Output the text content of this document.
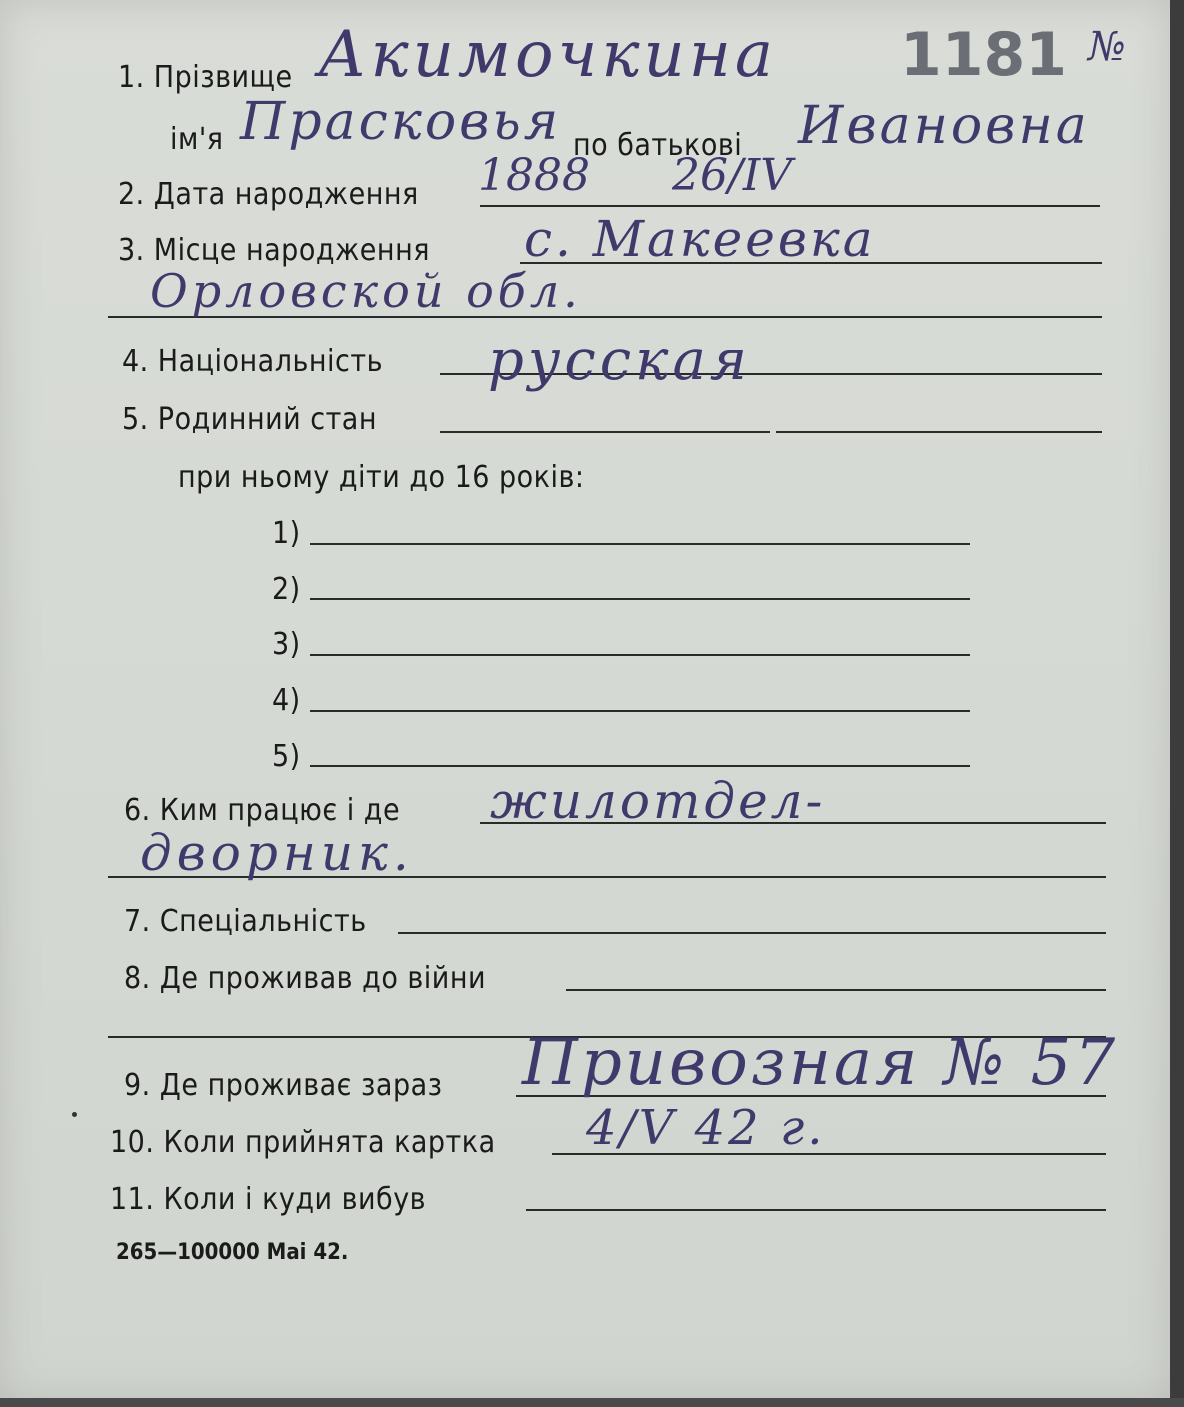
1. Прізвище
ім'я	по батькові
2. Дата народження
3. Місце народження
4. Національність
5. Родинний стан
при ньому діти до 16 років:
1)
2)
3)
4)
5)
6. Ким працює і де
7. Спеціальність
8. Де проживав до війни
9. Де проживає зараз
10. Коли прийнята картка
11. Коли і куди вибув
265—100000 Mai 42.
Акимочкина 1181 №
Прасковья	Ивановна
1888 26/IV
с. Макеевка
Орловской обл.
русская
жилотдел-
дворник.
Привозная № 57
4/V 42 г.
